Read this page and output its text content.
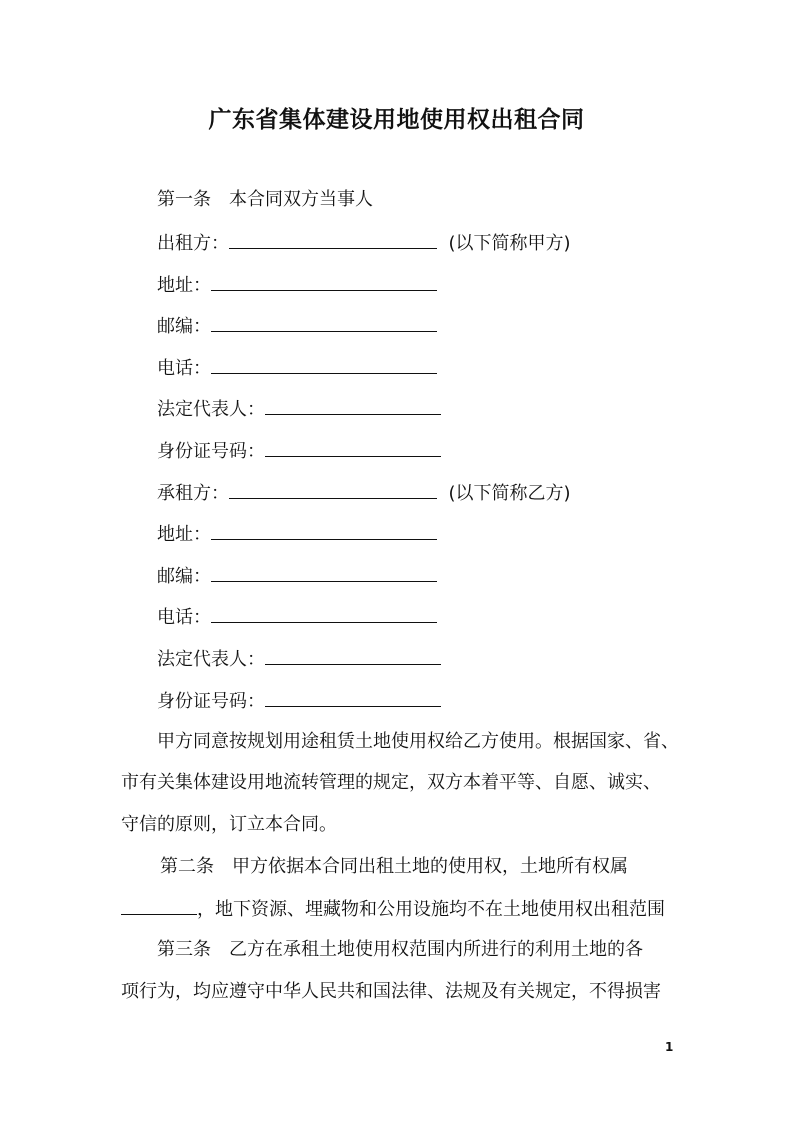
广东省集体建设用地使用权出租合同
第一条　本合同双方当事人
出租方：	(以下简称甲方)
地址：
邮编：
电话：
法定代表人：
身份证号码：
承租方：	(以下简称乙方)
地址：
邮编：
电话：
法定代表人：
身份证号码：
甲方同意按规划用途租赁土地使用权给乙方使用。根据国家、省、
市有关集体建设用地流转管理的规定，双方本着平等、自愿、诚实、
守信的原则，订立本合同。
第二条　甲方依据本合同出租土地的使用权，土地所有权属
，地下资源、埋藏物和公用设施均不在土地使用权出租范围
第三条　乙方在承租土地使用权范围内所进行的利用土地的各
项行为，均应遵守中华人民共和国法律、法规及有关规定，不得损害
1
